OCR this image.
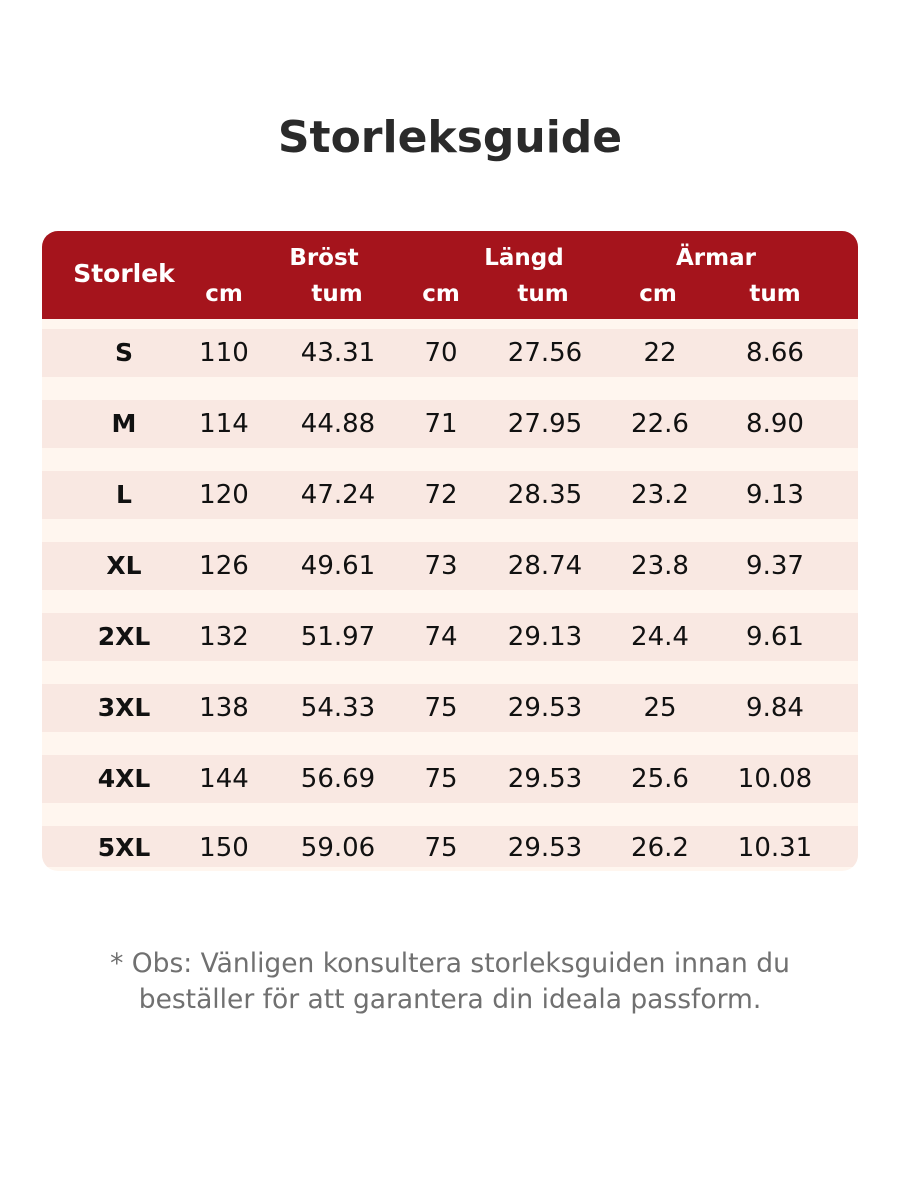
Storleksguide
Storlek
Bröst
cm	tum
Längd
cm	tum
Ärmar
cm	tum
S	110	43.31	70	27.56	22	8.66
M	114	44.88	71	27.95	22.6	8.90
L	120	47.24	72	28.35	23.2	9.13
XL	126	49.61	73	28.74	23.8	9.37
2XL	132	51.97	74	29.13	24.4	9.61
3XL	138	54.33	75	29.53	25	9.84
4XL	144	56.69	75	29.53	25.6	10.08
5XL	150	59.06	75	29.53	26.2	10.31
* Obs: Vänligen konsultera storleksguiden innan du
beställer för att garantera din ideala passform.
